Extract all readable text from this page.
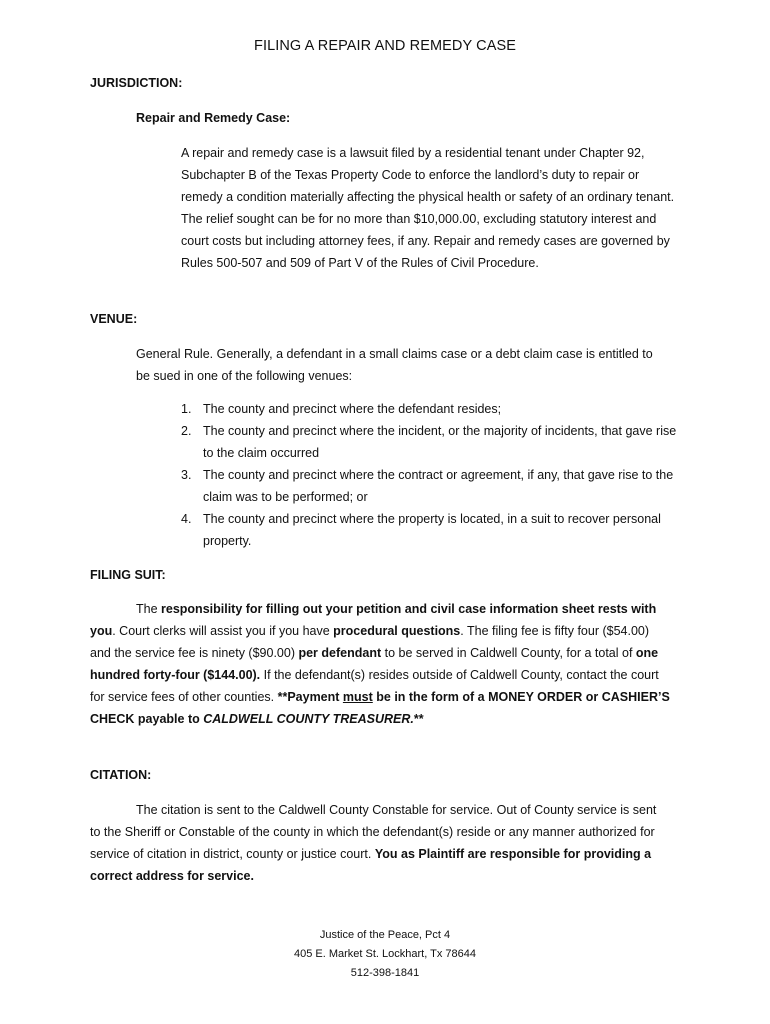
FILING A REPAIR AND REMEDY CASE
JURISDICTION:
Repair and Remedy Case:
A repair and remedy case is a lawsuit filed by a residential tenant under Chapter 92, Subchapter B of the Texas Property Code to enforce the landlord’s duty to repair or remedy a condition materially affecting the physical health or safety of an ordinary tenant. The relief sought can be for no more than $10,000.00, excluding statutory interest and court costs but including attorney fees, if any. Repair and remedy cases are governed by Rules 500-507 and 509 of Part V of the Rules of Civil Procedure.
VENUE:
General Rule. Generally, a defendant in a small claims case or a debt claim case is entitled to be sued in one of the following venues:
1. The county and precinct where the defendant resides;
2. The county and precinct where the incident, or the majority of incidents, that gave rise to the claim occurred
3. The county and precinct where the contract or agreement, if any, that gave rise to the claim was to be performed; or
4. The county and precinct where the property is located, in a suit to recover personal property.
FILING SUIT:
The responsibility for filling out your petition and civil case information sheet rests with you. Court clerks will assist you if you have procedural questions. The filing fee is fifty four ($54.00) and the service fee is ninety ($90.00) per defendant to be served in Caldwell County, for a total of one hundred forty-four ($144.00). If the defendant(s) resides outside of Caldwell County, contact the court for service fees of other counties. **Payment must be in the form of a MONEY ORDER or CASHIER’S CHECK payable to CALDWELL COUNTY TREASURER.**
CITATION:
The citation is sent to the Caldwell County Constable for service. Out of County service is sent to the Sheriff or Constable of the county in which the defendant(s) reside or any manner authorized for service of citation in district, county or justice court. You as Plaintiff are responsible for providing a correct address for service.
Justice of the Peace, Pct 4
405 E. Market St. Lockhart, Tx 78644
512-398-1841
